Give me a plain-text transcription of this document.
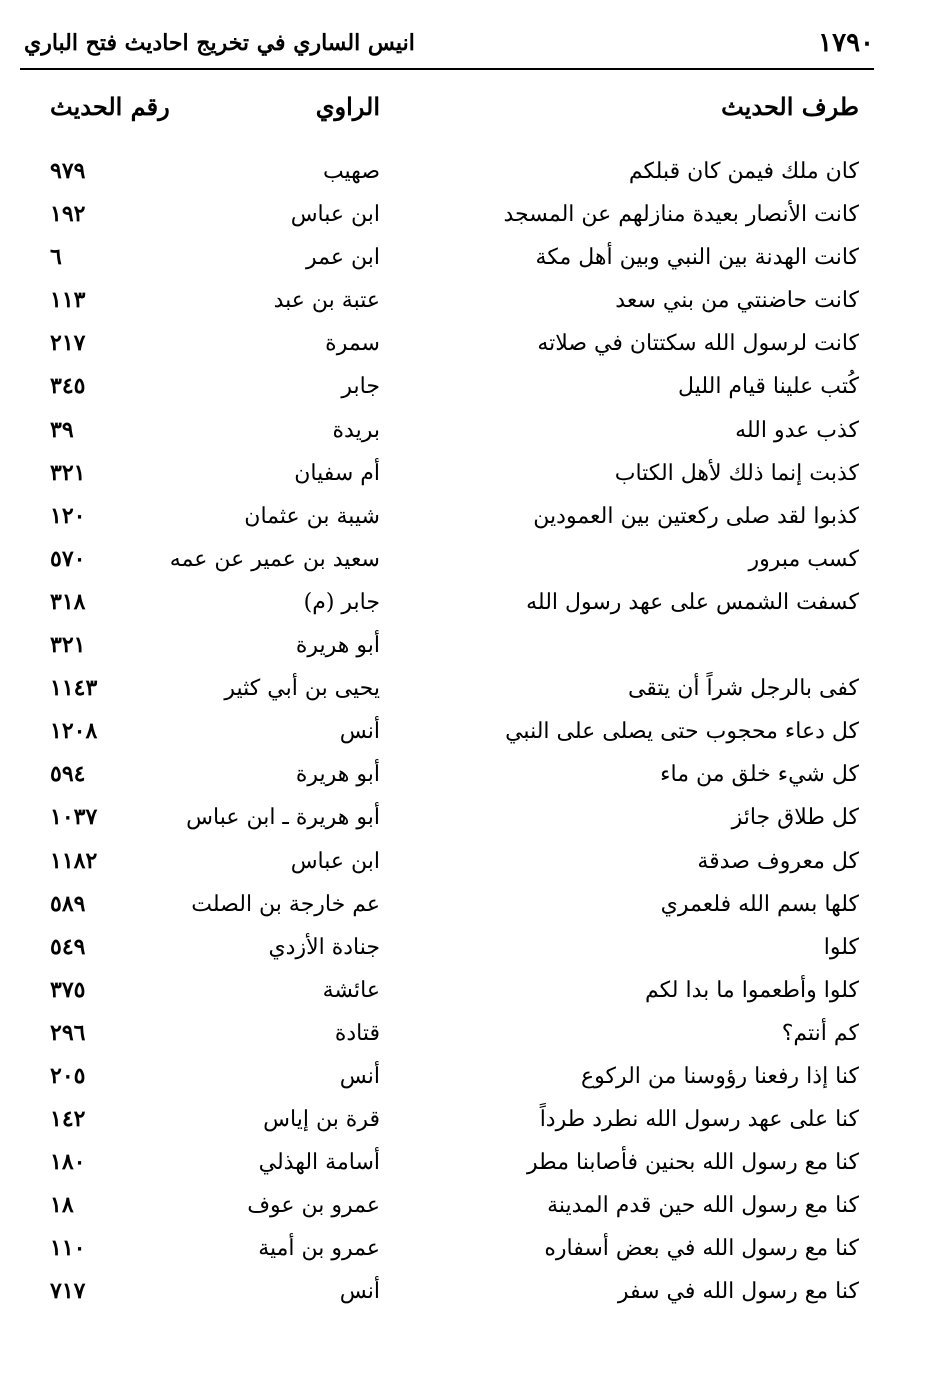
١٧٩٠
انيس الساري في تخريج احاديث فتح الباري
طرف الحديث
الراوي
رقم الحديث
كان ملك فيمن كان قبلكم
صهيب
٩٧٩
كانت الأنصار بعيدة منازلهم عن المسجد
ابن عباس
١٩٢
كانت الهدنة بين النبي وبين أهل مكة
ابن عمر
٦
كانت حاضنتي من بني سعد
عتبة بن عبد
١١٣
كانت لرسول الله سكتتان في صلاته
سمرة
٢١٧
كُتب علينا قيام الليل
جابر
٣٤٥
كذب عدو الله
بريدة
٣٩
كذبت إنما ذلك لأهل الكتاب
أم سفيان
٣٢١
كذبوا لقد صلى ركعتين بين العمودين
شيبة بن عثمان
١٢٠
كسب مبرور
سعيد بن عمير عن عمه
٥٧٠
كسفت الشمس على عهد رسول الله
جابر (م)
٣١٨
أبو هريرة
٣٢١
كفى بالرجل شراً أن يتقى
يحيى بن أبي كثير
١١٤٣
كل دعاء محجوب حتى يصلى على النبي
أنس
١٢٠٨
كل شيء خلق من ماء
أبو هريرة
٥٩٤
كل طلاق جائز
أبو هريرة ـ ابن عباس
١٠٣٧
كل معروف صدقة
ابن عباس
١١٨٢
كلها بسم الله فلعمري
عم خارجة بن الصلت
٥٨٩
كلوا
جنادة الأزدي
٥٤٩
كلوا وأطعموا ما بدا لكم
عائشة
٣٧٥
كم أنتم؟
قتادة
٢٩٦
كنا إذا رفعنا رؤوسنا من الركوع
أنس
٢٠٥
كنا على عهد رسول الله نطرد طرداً
قرة بن إياس
١٤٢
كنا مع رسول الله بحنين فأصابنا مطر
أسامة الهذلي
١٨٠
كنا مع رسول الله حين قدم المدينة
عمرو بن عوف
١٨
كنا مع رسول الله في بعض أسفاره
عمرو بن أمية
١١٠
كنا مع رسول الله في سفر
أنس
٧١٧
